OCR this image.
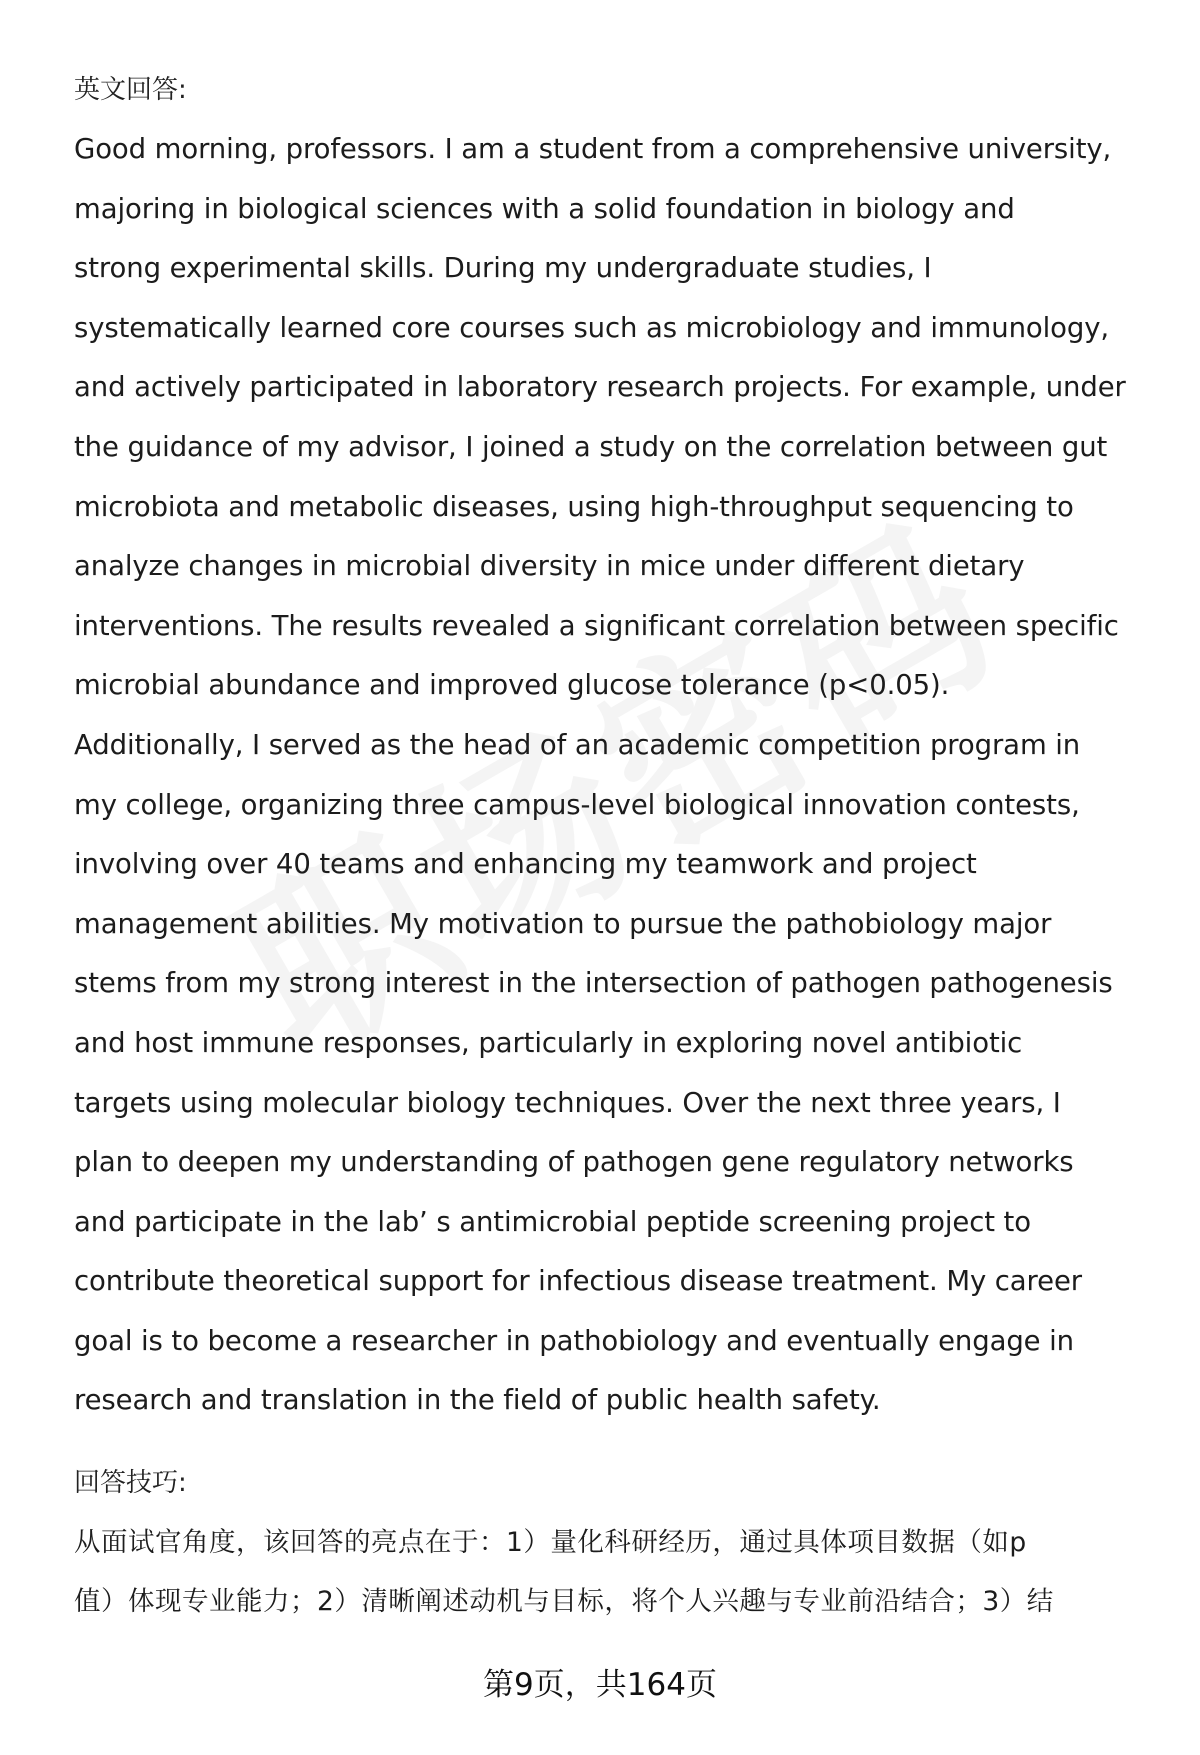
英文回答:
Good morning, professors. I am a student from a comprehensive university,
majoring in biological sciences with a solid foundation in biology and
strong experimental skills. During my undergraduate studies, I
systematically learned core courses such as microbiology and immunology,
and actively participated in laboratory research projects. For example, under
the guidance of my advisor, I joined a study on the correlation between gut
microbiota and metabolic diseases, using high-throughput sequencing to
analyze changes in microbial diversity in mice under different dietary
interventions. The results revealed a significant correlation between specific
microbial abundance and improved glucose tolerance (p<0.05).
Additionally, I served as the head of an academic competition program in
my college, organizing three campus-level biological innovation contests,
involving over 40 teams and enhancing my teamwork and project
management abilities. My motivation to pursue the pathobiology major
stems from my strong interest in the intersection of pathogen pathogenesis
and host immune responses, particularly in exploring novel antibiotic
targets using molecular biology techniques. Over the next three years, I
plan to deepen my understanding of pathogen gene regulatory networks
and participate in the lab’ s antimicrobial peptide screening project to
contribute theoretical support for infectious disease treatment. My career
goal is to become a researcher in pathobiology and eventually engage in
research and translation in the field of public health safety.
回答技巧:
从面试官角度，该回答的亮点在于：1）量化科研经历，通过具体项目数据（如p
值）体现专业能力；2）清晰阐述动机与目标，将个人兴趣与专业前沿结合；3）结
第9页，共164页
